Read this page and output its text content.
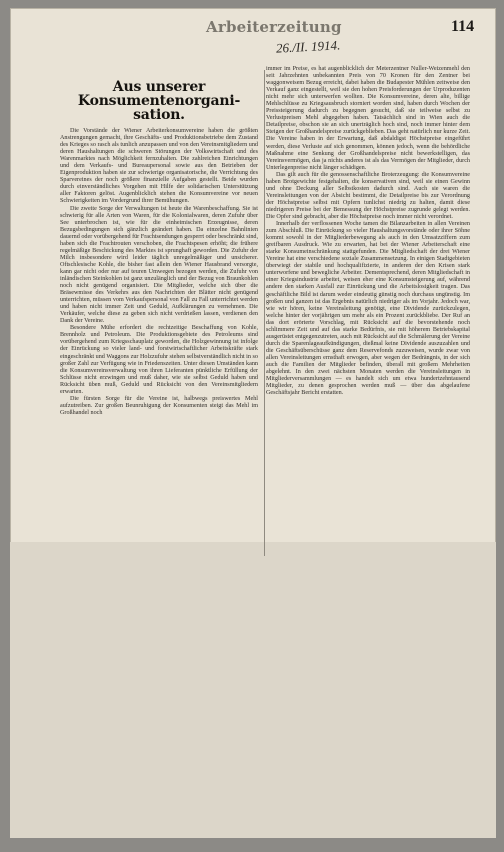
Arbeiterzeitung	114
26./II. 1914.
Aus unserer Konsumentenorgani-
sation.

Die Vorstände der Wiener Arbeiterkonsumvereine haben die größten Anstrengungen gemacht, ihre Geschäfts- und Produktionsbetriebe dem Zustand des Krieges so rasch als tunlich anzupassen und von den Vereinsmitgliedern und deren Haushaltungen die schweren Störungen der Volkswirtschaft und des Warenmarktes nach Möglichkeit fernzuhalten. Die zahlreichen Einrichtungen und dem Verkaufs- und Bureaupersonal sowie aus den Betrieben der Eigenproduktion haben sie zur schwierige organisatorische, die Verrichtung des Sparvereines der noch größere finanzielle Aufgaben gestellt. Beide wurden durch einverständliches Vorgehen mit Hilfe der solidarischen Unterstützung aller Faktoren gelöst. Augenblicklich stehen die Konsumvereine vor neuen Schwierigkeiten im Vordergrund ihrer Bemühungen.

Die zweite Sorge der Verwaltungen ist heute die Warenbeschaffung. Sie ist schwierig für alle Arten von Waren, für die Kolonialwaren, deren Zufuhr über See unterbrochen ist, wie für die einheimischen Erzeugnisse, deren Bezugsbedingungen sich gänzlich geändert haben. Da einzelne Bahnlinien dauernd oder vorübergehend für Frachtsendungen gesperrt oder beschränkt sind, haben sich die Frachtrouten verschoben, die Frachtspesen erhöht; die frühere regelmäßige Beschickung des Marktes ist sprunghaft geworden. Die Zufuhr der Milch insbesondere wird leider täglich unregelmäßiger und unsicherer. Oftschlesische Kohle, die bisher fast allein den Wiener Hausbrand versorgte, kann gar nicht oder nur auf teuren Umwegen bezogen werden, die Zufuhr von inländischen Steinkohlen ist ganz unzulänglich und der Bezug von Braunkohlen noch nicht genügend organisiert. Die Mitglieder, welche sich über die Bräsewmisse des Verkehrs aus den Nachrichten der Blätter nicht genügend unterrichten, müssen vom Verkaufspersonal von Fall zu Fall unterrichtet werden und haben nicht immer Zeit und Geduld, Aufklärungen zu vernehmen. Die Verkäufer, welche diese zu geben sich nicht verdrießen lassen, verdienen den Dank der Vereine.

Besondere Mühe erfordert die rechtzeitige Beschaffung von Kohle, Brennholz und Petroleum. Die Produktionsgebiete des Petroleums sind vorübergehend zum Kriegsschauplatz geworden, die Holzgewinnung ist infolge der Einrückung so vieler land- und forstwirtschaftlicher Arbeitskräfte stark eingeschränkt und Waggons zur Holzzufuhr stehen selbstverständlich nicht in so großer Zahl zur Verfügung wie in Friedenszeiten. Unter diesen Umständen kann die Konsumvereinsverwaltung von ihren Lieferanten pünktliche Erfüllung der Schlüsse nicht erzwingen und muß daher, wie sie selbst Geduld haben und Rücksicht üben muß, Geduld und Rücksicht von den Vereinsmitgliedern erwarten.

Die fürsten Sorge für die Vereine ist, halbwegs preiswertes Mehl aufzutreiben. Zur großen Beunruhigung der Konsumenten steigt das Mehl im Großhandel noch

immer im Preise, es hat augenblicklich der Meterzentner Nuller-Weizenmehl den seit Jahrzehnten unbekannten Preis von 70 Kronen für den Zentner bei waggonweisem Bezug erreicht, dabei haben die Budapester Mühlen zeitweise den Verkauf ganz eingestellt, weil sie den hohen Preisforderungen der Urproduzenten nicht mehr sich unterwerfen wollten. Die Konsumvereine, deren alte, billige Mehlschlüsse zu Kriegsausbruch storniert worden sind, haben durch Wochen der Preissteigerung dadurch zu begegnen gesucht, daß sie teilweise selbst zu Verlustpreisen Mehl abgegeben haben. Tatsächlich sind in Wien auch die Detailpreise, obschon sie an sich unerträglich hoch sind, noch immer hinter dem Steigen der Großhandelspreise zurückgeblieben. Das geht natürlich nur kurze Zeit. Die Vereine haben in der Erwartung, daß abdaldigst Höchstpreise eingeführt werden, diese Verluste auf sich genommen, können jedoch, wenn die behördliche Maßnahme eine Senkung der Großhandelspreise nicht bewerkstelligen, das Vereinsvermögen, das ja nichts anderes ist als das Vermögen der Mitglieder, durch Unterlegenpreise nicht länger schädigen.

Das gilt auch für die genossenschaftliche Broterzeugung: die Konsumvereine haben Brotgewichte festgehalten, die konservativen sind, weil sie einen Gewinn und ohne Deckung aller Selbstkosten dadurch sind. Auch sie waren die Vereinsleitungen von der Absicht bestimmt, die Detailpreise bis zur Verordnung der Höchstpreise selbst mit Opfern tunlichst niedrig zu halten, damit diese niedrigeren Preise bei der Bemessung der Höchstpreise zugrunde gelegt werden. Die Opfer sind gebracht, aber die Höchstpreise noch immer nicht verordnet.

Innerhalb der verflossenen Woche tamen die Bilanzarbeiten in allen Vereinen zum Abschluß. Die Einrückung so vieler Haushaltungsvorstände oder ihrer Söhne kommt sowohl in der Mitgliederbewegung als auch in den Umsatzziffern zum greifbaren Ausdruck. Wie zu erwarten, hat bei der Wiener Arbeiterschaft eine starke Konsumeinschränkung stattgefunden. Die Mitgliedschaft der drei Wiener Vereine hat eine verschiedene soziale Zusammensetzung. In einigen Stadtgebieten überwiegt der stabile und hochqualifizierte, in anderen der den Krisen stark unterworfene und bewegliche Arbeiter. Dementsprechend, deren Mitgliedschaft in einer Kriegsindustrie arbeitet, weisen eher eine Konsumsteigerung auf, während andere den starken Ausfall zur Einrückung und die Arbeitslosigkeit tragen. Das geschäftliche Bild ist darum weder eindeutig günstig noch durchaus ungünstig. Im großen und ganzen ist das Ergebnis natürlich niedriger als im Vorjahr. Jedoch war, wie wir hören, keine Vereinsleitung genötigt, eine Dividende zurückzulegen, welche hinter der vorjährigen um mehr als ein Prozent zurückbliebe. Der Ruf an das dort erörterte Vorschlag, mit Rücksicht auf die bevorstehende noch schlimmere Zeit und auf das starke Bedürfnis, sie mit höherem Betriebskapital ausgerüstet entgegenzutreten, auch mit Rücksicht auf die Schmälerung der Vereine durch die Sparenlageaufkündigungen, dießmal keine Dividende auszuzahlen und die Geschäftsüberschüsse ganz dem Reservefonds zuzuweisen, wurde zwar von allen Vereinsleitungen ernsthaft erwogen, aber wegen der Bedrängnis, in der sich auch die Familien der Mitglieder befinden, überall mit großem Mehrheiten abgelehnt. In den zwei nächsten Monaten werden die Vereinsleitungen in Mitgliederversammlungen — es handelt sich um etwa hundertzehntausend Mitglieder, zu denen gesprochen werden muß — über das abgelaufene Geschäftsjahr Bericht erstatten.
